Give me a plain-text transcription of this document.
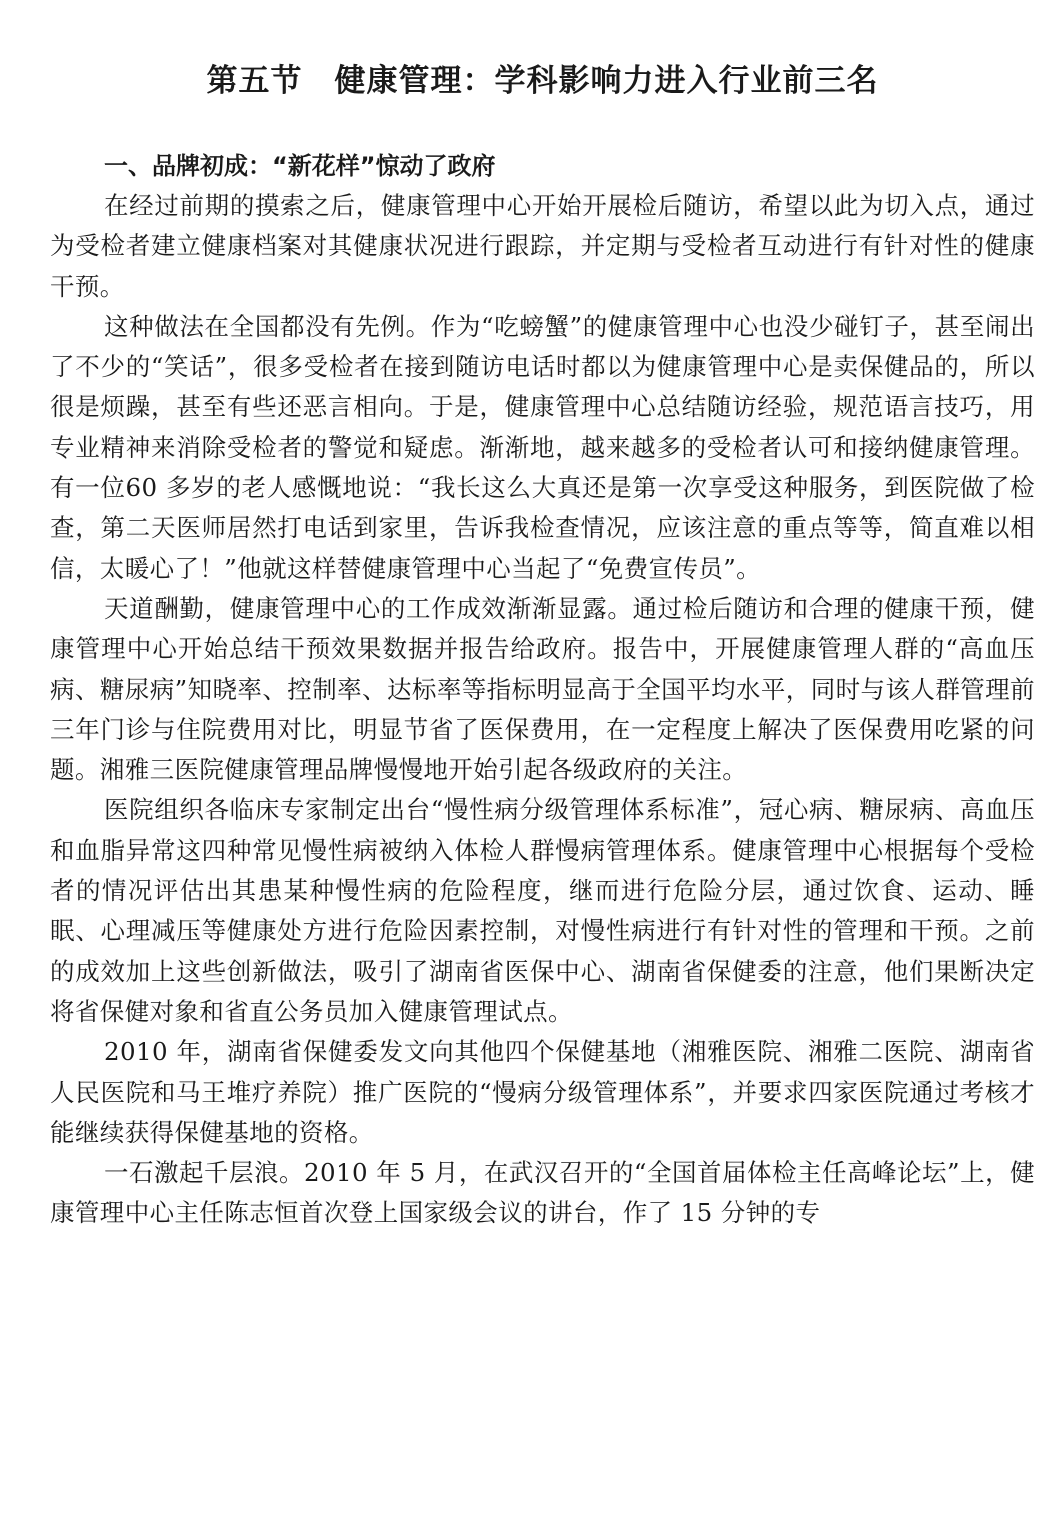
第五节　健康管理：学科影响力进入行业前三名
一、品牌初成：“新花样”惊动了政府

在经过前期的摸索之后，健康管理中心开始开展检后随访，希望以此为切入点，通过为受检者建立健康档案对其健康状况进行跟踪，并定期与受检者互动进行有针对性的健康干预。

这种做法在全国都没有先例。作为“吃螃蟹”的健康管理中心也没少碰钉子，甚至闹出了不少的“笑话”，很多受检者在接到随访电话时都以为健康管理中心是卖保健品的，所以很是烦躁，甚至有些还恶言相向。于是，健康管理中心总结随访经验，规范语言技巧，用专业精神来消除受检者的警觉和疑虑。渐渐地，越来越多的受检者认可和接纳健康管理。有一位60 多岁的老人感慨地说：“我长这么大真还是第一次享受这种服务，到医院做了检查，第二天医师居然打电话到家里，告诉我检查情况，应该注意的重点等等，简直难以相信，太暖心了！”他就这样替健康管理中心当起了“免费宣传员”。

天道酬勤，健康管理中心的工作成效渐渐显露。通过检后随访和合理的健康干预，健康管理中心开始总结干预效果数据并报告给政府。报告中，开展健康管理人群的“高血压病、糖尿病”知晓率、控制率、达标率等指标明显高于全国平均水平，同时与该人群管理前三年门诊与住院费用对比，明显节省了医保费用，在一定程度上解决了医保费用吃紧的问题。湘雅三医院健康管理品牌慢慢地开始引起各级政府的关注。

医院组织各临床专家制定出台“慢性病分级管理体系标准”，冠心病、糖尿病、高血压和血脂异常这四种常见慢性病被纳入体检人群慢病管理体系。健康管理中心根据每个受检者的情况评估出其患某种慢性病的危险程度，继而进行危险分层，通过饮食、运动、睡眠、心理减压等健康处方进行危险因素控制，对慢性病进行有针对性的管理和干预。之前的成效加上这些创新做法，吸引了湖南省医保中心、湖南省保健委的注意，他们果断决定将省保健对象和省直公务员加入健康管理试点。

2010 年，湖南省保健委发文向其他四个保健基地（湘雅医院、湘雅二医院、湖南省人民医院和马王堆疗养院）推广医院的“慢病分级管理体系”，并要求四家医院通过考核才能继续获得保健基地的资格。

一石激起千层浪。2010 年 5 月，在武汉召开的“全国首届体检主任高峰论坛”上，健康管理中心主任陈志恒首次登上国家级会议的讲台，作了 15 分钟的专
